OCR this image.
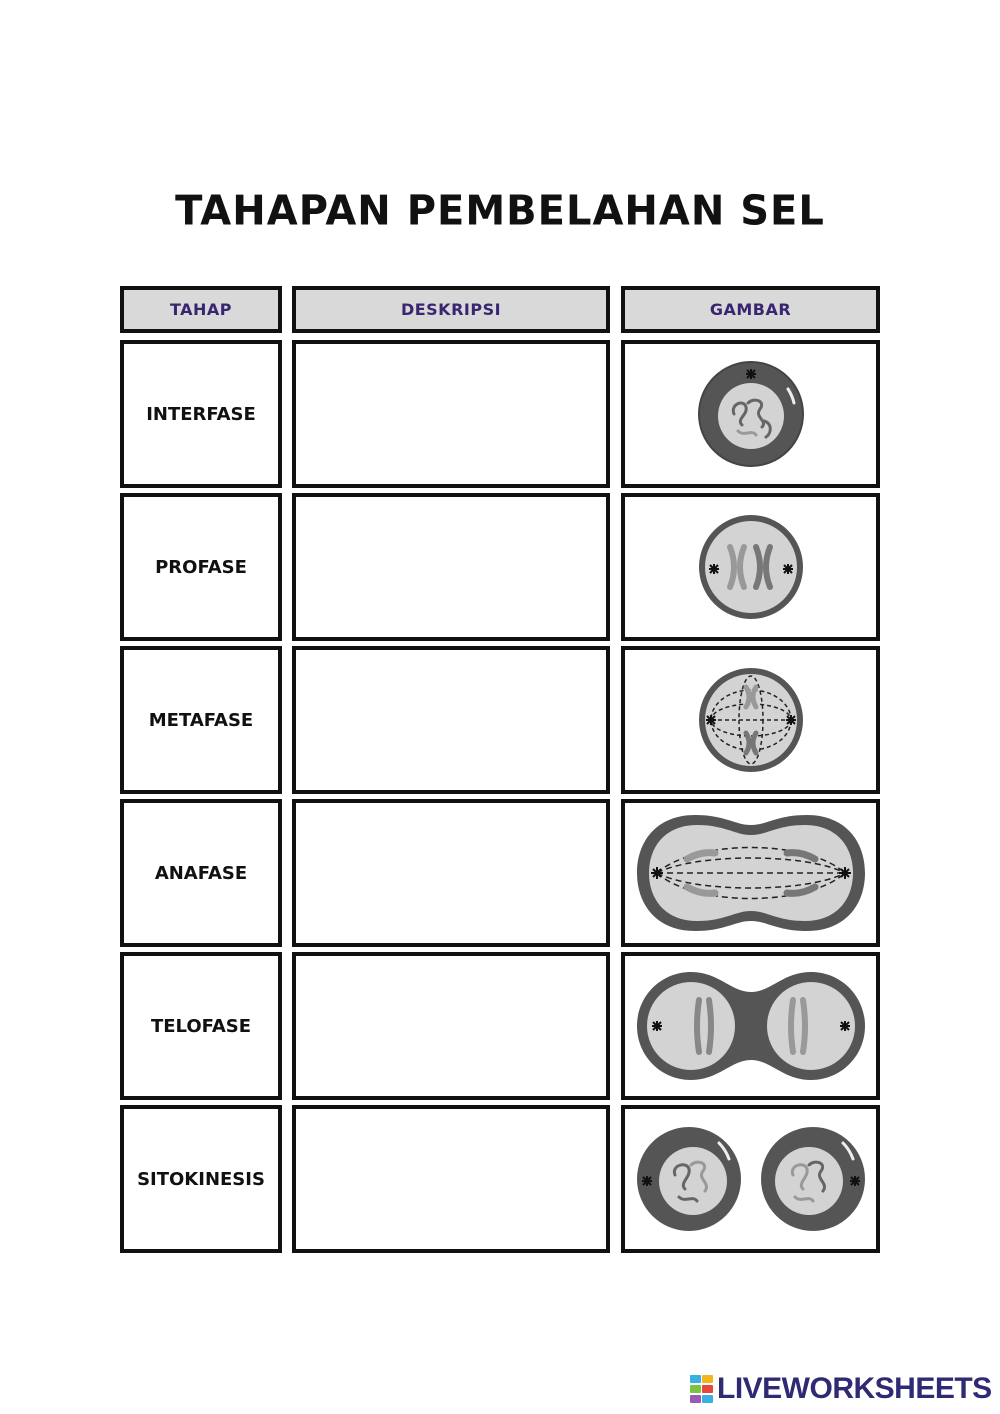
TAHAPAN PEMBELAHAN SEL
TAHAP	DESKRIPSI	GAMBAR
INTERFASE
PROFASE
METAFASE
ANAFASE
TELOFASE
SITOKINESIS
LIVEWORKSHEETS
